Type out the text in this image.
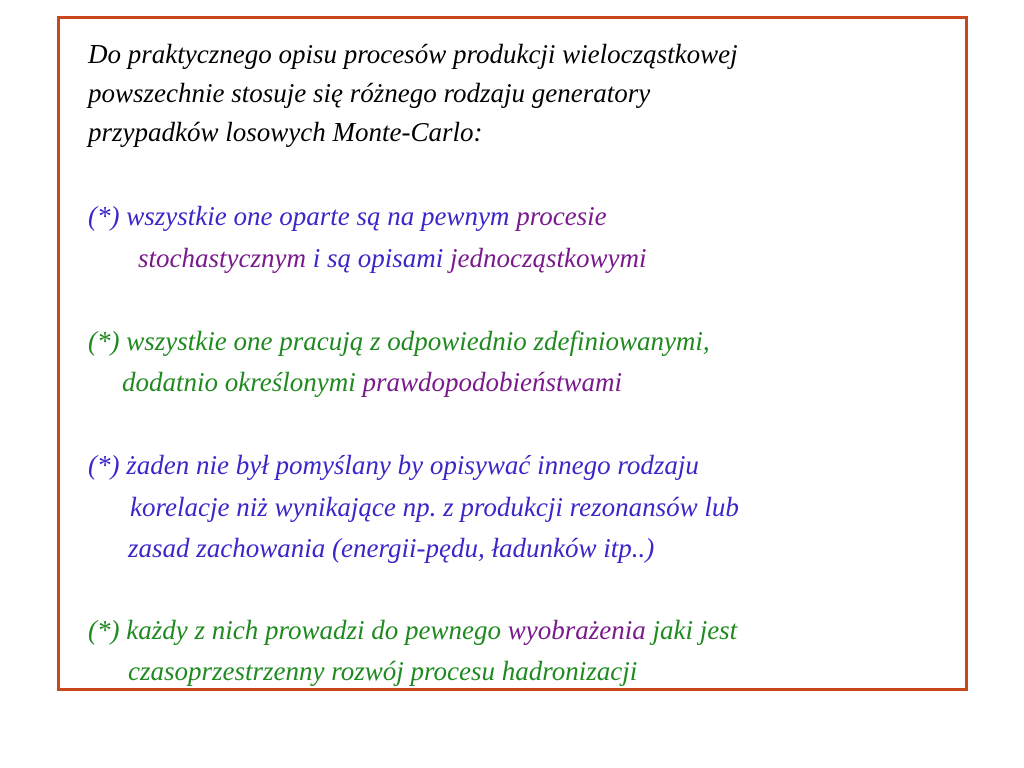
Do praktycznego opisu procesów produkcji wielocząstkowej
powszechnie stosuje się różnego rodzaju generatory
przypadków losowych Monte-Carlo:
(*) wszystkie one oparte są na pewnym procesie
stochastycznym i są opisami jednocząstkowymi
(*) wszystkie one pracują z odpowiednio zdefiniowanymi,
dodatnio określonymi prawdopodobieństwami
(*) żaden nie był pomyślany by opisywać innego rodzaju
korelacje niż wynikające np. z produkcji rezonansów lub
zasad zachowania (energii-pędu, ładunków itp..)
(*) każdy z nich prowadzi do pewnego wyobrażenia jaki jest
czasoprzestrzenny rozwój procesu hadronizacji
